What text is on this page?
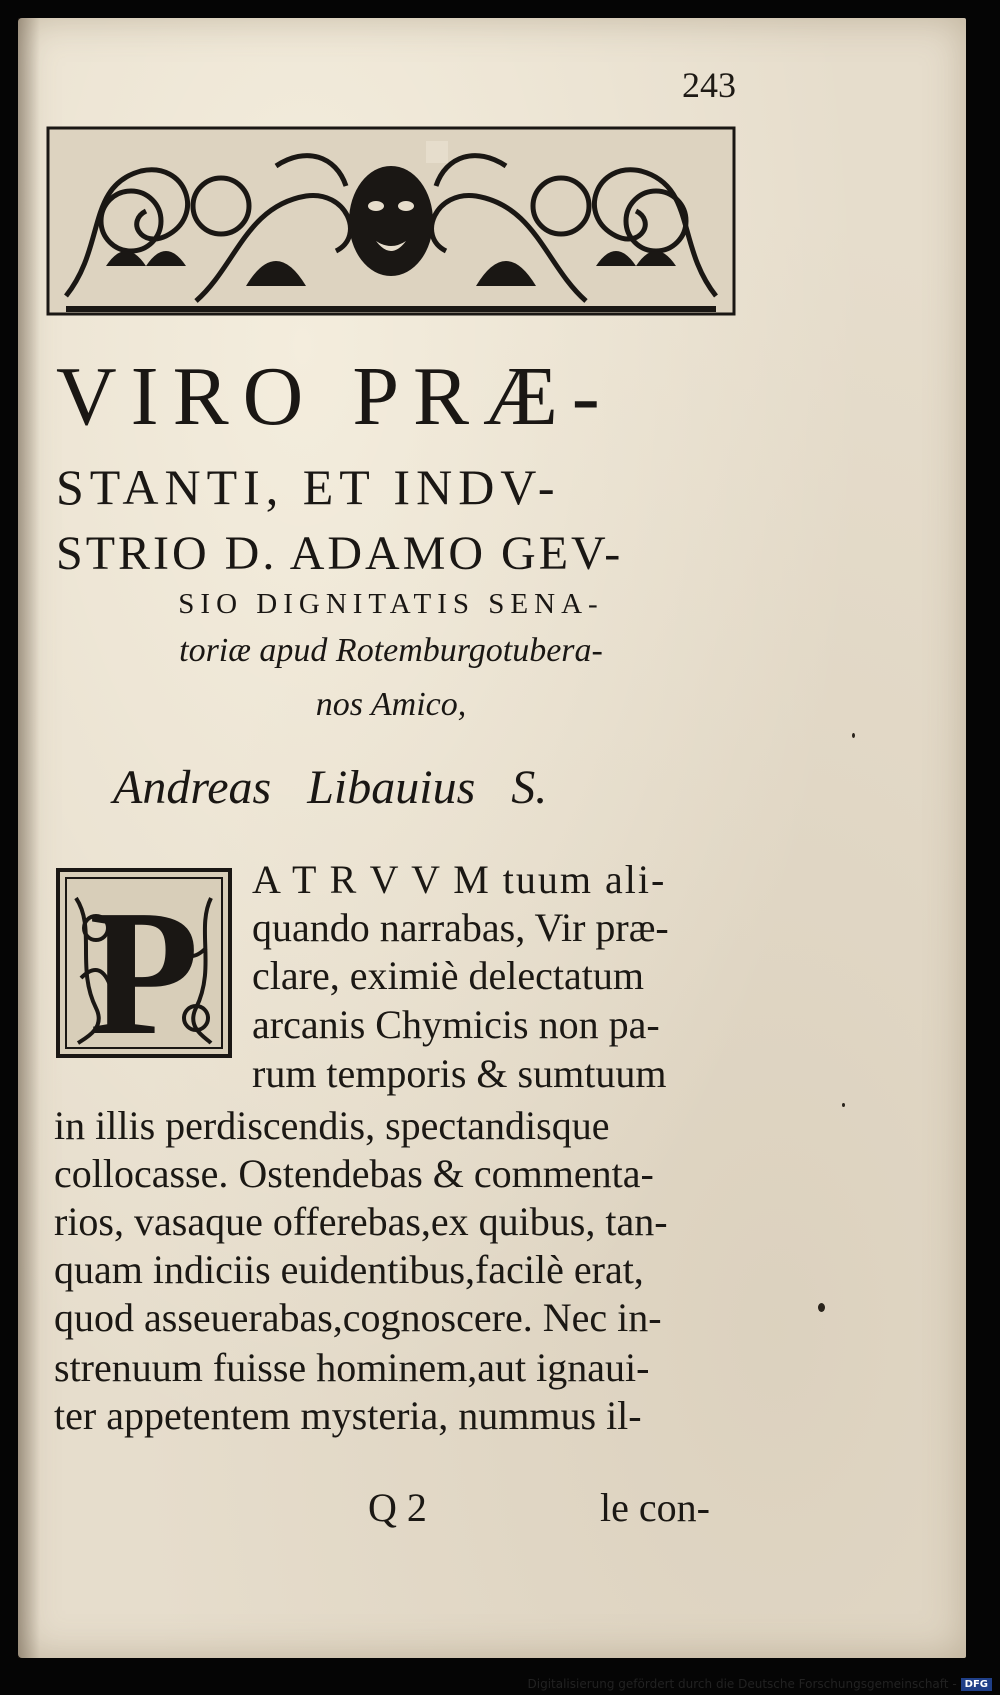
243
VIRO PRÆ-
STANTI, ET INDV-
STRIO D. ADAMO GEV-
SIO DIGNITATIS SENA-
toriæ apud Rotemburgotubera-
nos Amico,
Andreas Libauius S.
P A T R V V M tuum ali-
quando narrabas, Vir præ-
clare, eximiè delectatum
arcanis Chymicis non pa-
rum temporis & sumtuum
in illis perdiscendis, spectandisque
collocasse. Ostendebas & commenta-
rios, vasaque offerebas,ex quibus, tan-
quam indiciis euidentibus,facilè erat,
quod asseuerabas,cognoscere. Nec in-
strenuum fuisse hominem,aut ignaui-
ter appetentem mysteria, nummus il-
Q 2	le con-
Digitalisierung gefördert durch die Deutsche Forschungsgemeinschaft - DFG
